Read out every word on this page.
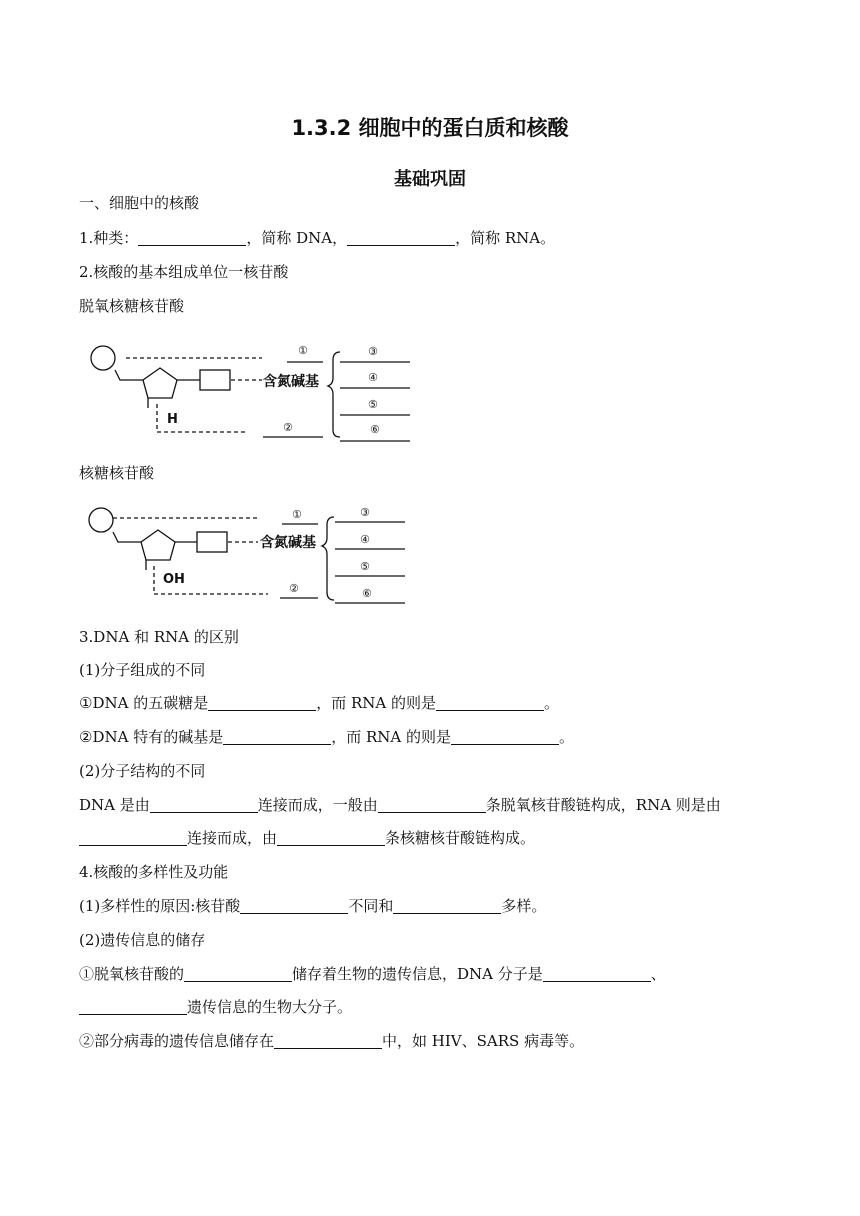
1.3.2 细胞中的蛋白质和核酸
基础巩固
一、细胞中的核酸
1.种类：	，简称 DNA，	，简称 RNA。
2.核酸的基本组成单位一核苷酸
脱氧核糖核苷酸
H
含氮碱基
①
②
③
④
⑤
⑥
核糖核苷酸
OH
含氮碱基
①
②
③
④
⑤
⑥
3.DNA 和 RNA 的区别
(1)分子组成的不同
①DNA 的五碳糖是	，而 RNA 的则是	。
②DNA 特有的碱基是	，而 RNA 的则是	。
(2)分子结构的不同
DNA 是由	连接而成，一般由	条脱氧核苷酸链构成，RNA 则是由
连接而成，由	条核糖核苷酸链构成。
4.核酸的多样性及功能
(1)多样性的原因:核苷酸	不同和	多样。
(2)遗传信息的储存
①脱氧核苷酸的	储存着生物的遗传信息，DNA 分子是	、
遗传信息的生物大分子。
②部分病毒的遗传信息储存在	中，如 HIV、SARS 病毒等。
